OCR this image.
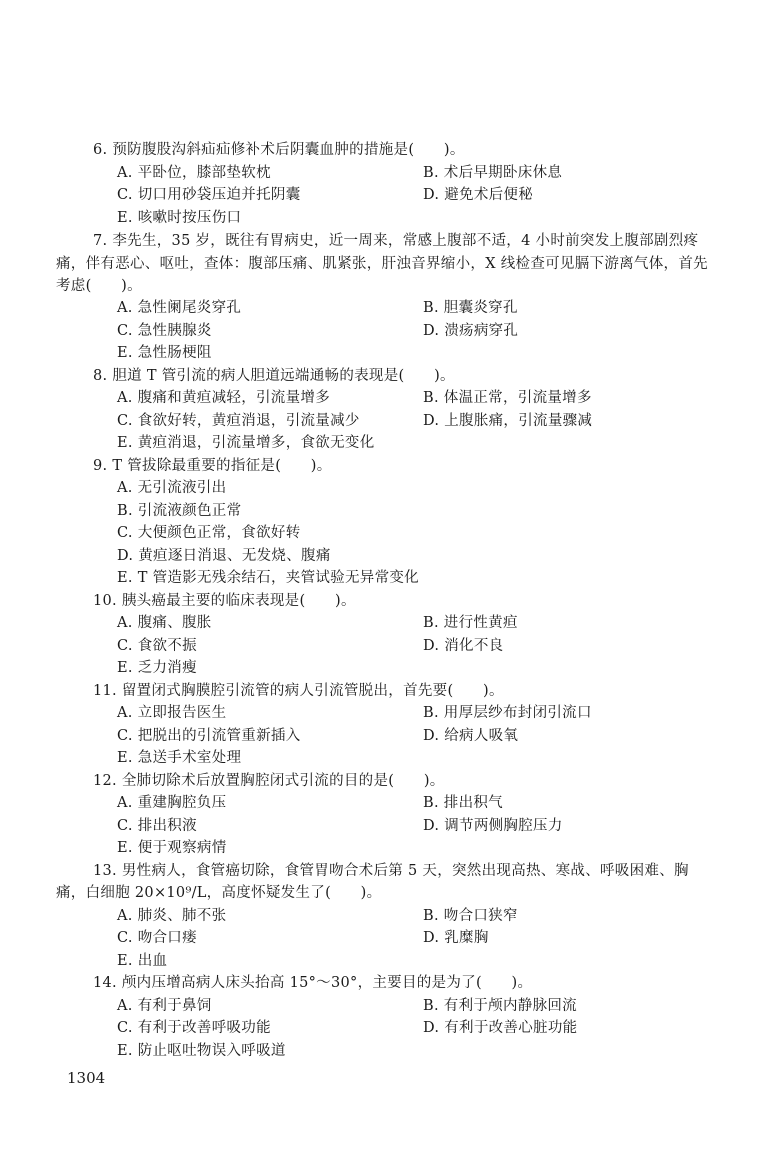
6. 预防腹股沟斜疝疝修补术后阴囊血肿的措施是(　　)。
A. 平卧位，膝部垫软枕	B. 术后早期卧床休息
C. 切口用砂袋压迫并托阴囊	D. 避免术后便秘
E. 咳嗽时按压伤口
7. 李先生，35 岁，既往有胃病史，近一周来，常感上腹部不适，4 小时前突发上腹部剧烈疼
痛，伴有恶心、呕吐，查体：腹部压痛、肌紧张，肝浊音界缩小，X 线检查可见膈下游离气体，首先
考虑(　　)。
A. 急性阑尾炎穿孔	B. 胆囊炎穿孔
C. 急性胰腺炎	D. 溃疡病穿孔
E. 急性肠梗阻
8. 胆道 T 管引流的病人胆道远端通畅的表现是(　　)。
A. 腹痛和黄疸减轻，引流量增多	B. 体温正常，引流量增多
C. 食欲好转，黄疸消退，引流量减少	D. 上腹胀痛，引流量骤减
E. 黄疸消退，引流量增多，食欲无变化
9. T 管拔除最重要的指征是(　　)。
A. 无引流液引出
B. 引流液颜色正常
C. 大便颜色正常，食欲好转
D. 黄疸逐日消退、无发烧、腹痛
E. T 管造影无残余结石，夹管试验无异常变化
10. 胰头癌最主要的临床表现是(　　)。
A. 腹痛、腹胀	B. 进行性黄疸
C. 食欲不振	D. 消化不良
E. 乏力消瘦
11. 留置闭式胸膜腔引流管的病人引流管脱出，首先要(　　)。
A. 立即报告医生	B. 用厚层纱布封闭引流口
C. 把脱出的引流管重新插入	D. 给病人吸氧
E. 急送手术室处理
12. 全肺切除术后放置胸腔闭式引流的目的是(　　)。
A. 重建胸腔负压	B. 排出积气
C. 排出积液	D. 调节两侧胸腔压力
E. 便于观察病情
13. 男性病人，食管癌切除，食管胃吻合术后第 5 天，突然出现高热、寒战、呼吸困难、胸
痛，白细胞 20×10⁹/L，高度怀疑发生了(　　)。
A. 肺炎、肺不张	B. 吻合口狭窄
C. 吻合口瘘	D. 乳糜胸
E. 出血
14. 颅内压增高病人床头抬高 15°～30°，主要目的是为了(　　)。
A. 有利于鼻饲	B. 有利于颅内静脉回流
C. 有利于改善呼吸功能	D. 有利于改善心脏功能
E. 防止呕吐物误入呼吸道
1304
